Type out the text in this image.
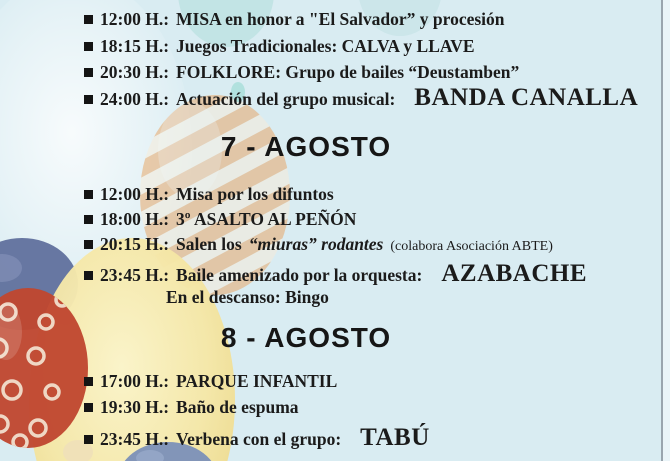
12:00 H.: MISA en honor a "El Salvador” y procesión
18:15 H.: Juegos Tradicionales: CALVA y LLAVE
20:30 H.: FOLKLORE: Grupo de bailes “Deustamben”
24:00 H.: Actuación del grupo musical: BANDA CANALLA
7 - AGOSTO
12:00 H.: Misa por los difuntos
18:00 H.: 3º ASALTO AL PEÑÓN
20:15 H.: Salen los “miuras” rodantes (colabora Asociación ABTE)
23:45 H.: Baile amenizado por la orquesta: AZABACHE
En el descanso: Bingo
8 - AGOSTO
17:00 H.: PARQUE INFANTIL
19:30 H.: Baño de espuma
23:45 H.: Verbena con el grupo: TABÚ
